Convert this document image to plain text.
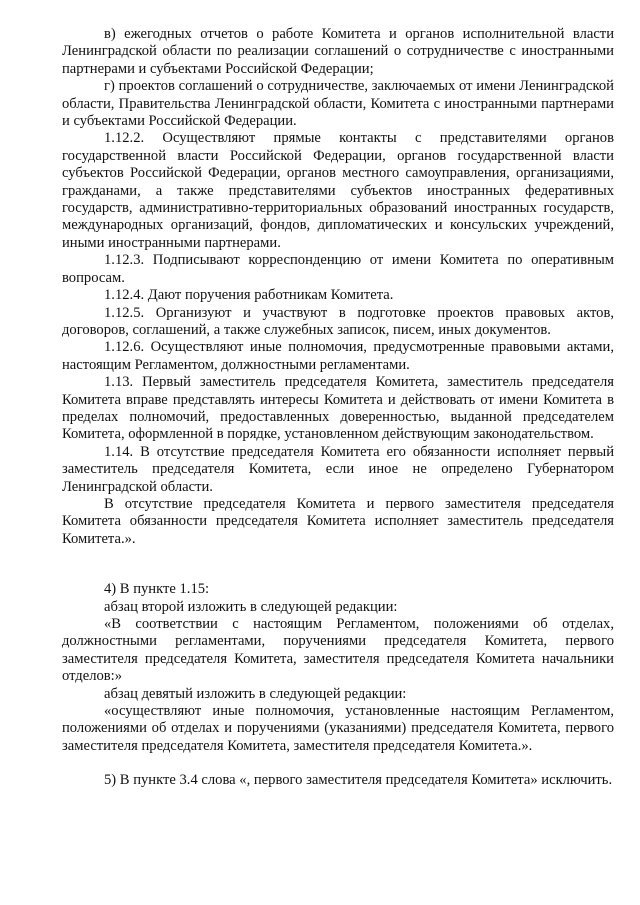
в) ежегодных отчетов о работе Комитета и органов исполнительной власти Ленинградской области по реализации соглашений о сотрудничестве с иностранными партнерами и субъектами Российской Федерации;

г) проектов соглашений о сотрудничестве, заключаемых от имени Ленинградской области, Правительства Ленинградской области, Комитета с иностранными партнерами и субъектами Российской Федерации.

1.12.2. Осуществляют прямые контакты с представителями органов государственной власти Российской Федерации, органов государственной власти субъектов Российской Федерации, органов местного самоуправления, организациями, гражданами, а также представителями субъектов иностранных федеративных государств, административно-территориальных образований иностранных государств, международных организаций, фондов, дипломатических и консульских учреждений, иными иностранными партнерами.

1.12.3. Подписывают корреспонденцию от имени Комитета по оперативным вопросам.

1.12.4. Дают поручения работникам Комитета.

1.12.5. Организуют и участвуют в подготовке проектов правовых актов, договоров, соглашений, а также служебных записок, писем, иных документов.

1.12.6. Осуществляют иные полномочия, предусмотренные правовыми актами, настоящим Регламентом, должностными регламентами.

1.13. Первый заместитель председателя Комитета, заместитель председателя Комитета вправе представлять интересы Комитета и действовать от имени Комитета в пределах полномочий, предоставленных доверенностью, выданной председателем Комитета, оформленной в порядке, установленном действующим законодательством.

1.14. В отсутствие председателя Комитета его обязанности исполняет первый заместитель председателя Комитета, если иное не определено Губернатором Ленинградской области.

В отсутствие председателя Комитета и первого заместителя председателя Комитета обязанности председателя Комитета исполняет заместитель председателя Комитета.».

4) В пункте 1.15:

абзац второй изложить в следующей редакции:

«В соответствии с настоящим Регламентом, положениями об отделах, должностными регламентами, поручениями председателя Комитета, первого заместителя председателя Комитета, заместителя председателя Комитета начальники отделов:»

абзац девятый изложить в следующей редакции:

«осуществляют иные полномочия, установленные настоящим Регламентом, положениями об отделах и поручениями (указаниями) председателя Комитета, первого заместителя председателя Комитета, заместителя председателя Комитета.».

5) В пункте 3.4 слова «, первого заместителя председателя Комитета» исключить.
